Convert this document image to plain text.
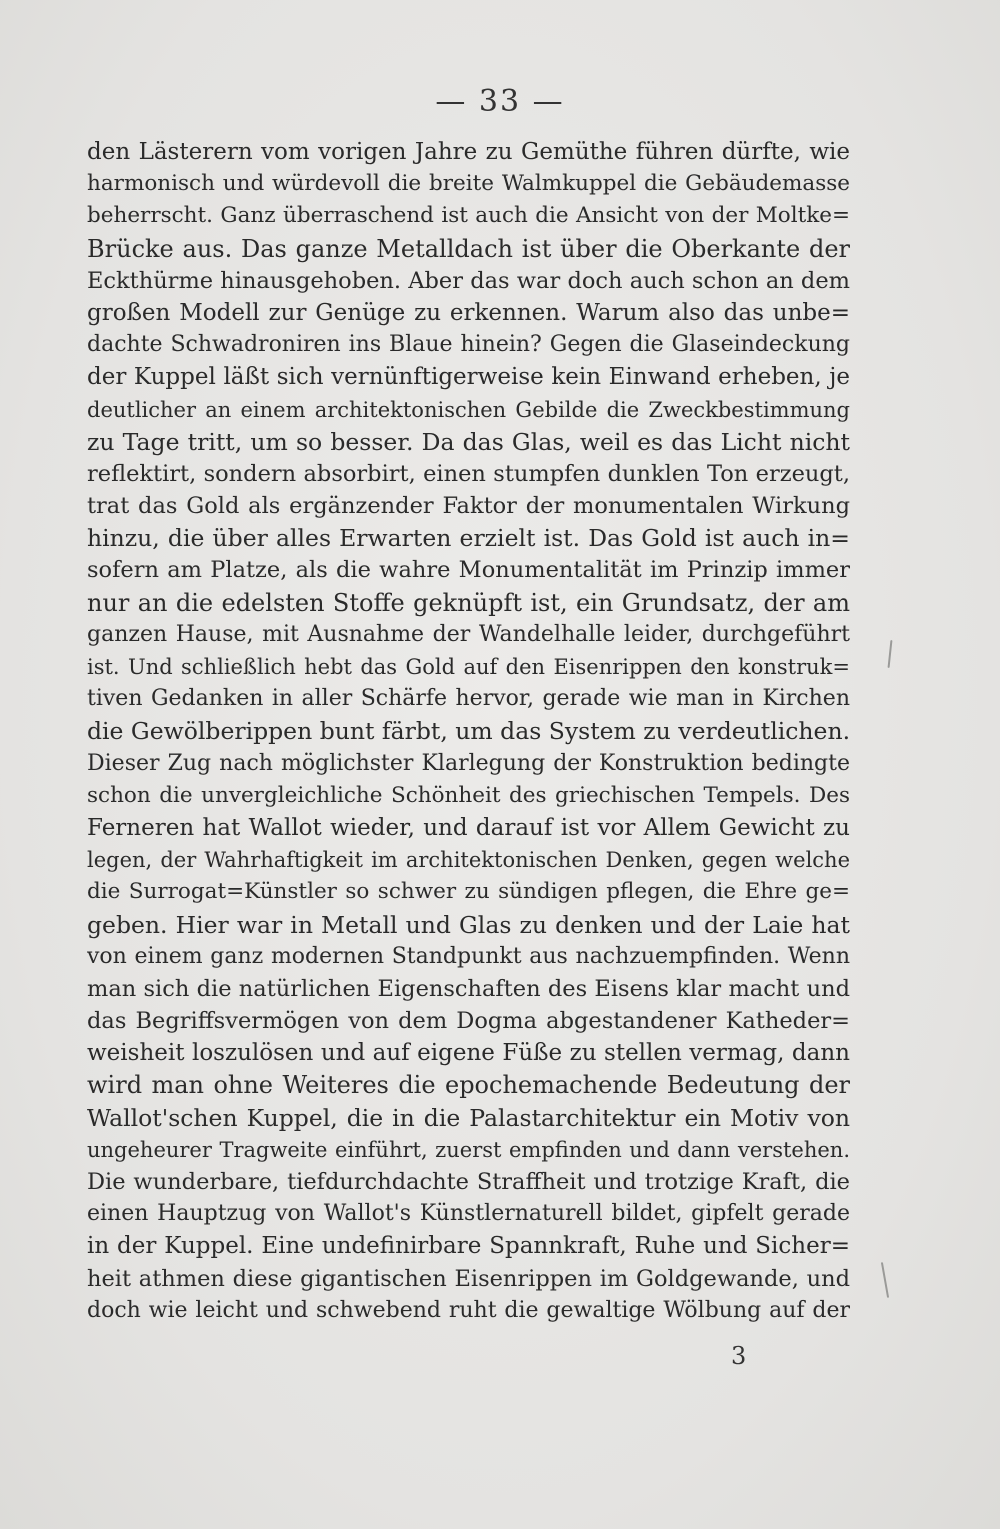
— 33 —
den Lästerern vom vorigen Jahre zu Gemüthe führen dürfte, wie
harmonisch und würdevoll die breite Walmkuppel die Gebäudemasse
beherrscht. Ganz überraschend ist auch die Ansicht von der Moltke=
Brücke aus. Das ganze Metalldach ist über die Oberkante der
Eckthürme hinausgehoben. Aber das war doch auch schon an dem
großen Modell zur Genüge zu erkennen. Warum also das unbe=
dachte Schwadroniren ins Blaue hinein? Gegen die Glaseindeckung
der Kuppel läßt sich vernünftigerweise kein Einwand erheben, je
deutlicher an einem architektonischen Gebilde die Zweckbestimmung
zu Tage tritt, um so besser. Da das Glas, weil es das Licht nicht
reflektirt, sondern absorbirt, einen stumpfen dunklen Ton erzeugt,
trat das Gold als ergänzender Faktor der monumentalen Wirkung
hinzu, die über alles Erwarten erzielt ist. Das Gold ist auch in=
sofern am Platze, als die wahre Monumentalität im Prinzip immer
nur an die edelsten Stoffe geknüpft ist, ein Grundsatz, der am
ganzen Hause, mit Ausnahme der Wandelhalle leider, durchgeführt
ist. Und schließlich hebt das Gold auf den Eisenrippen den konstruk=
tiven Gedanken in aller Schärfe hervor, gerade wie man in Kirchen
die Gewölberippen bunt färbt, um das System zu verdeutlichen.
Dieser Zug nach möglichster Klarlegung der Konstruktion bedingte
schon die unvergleichliche Schönheit des griechischen Tempels. Des
Ferneren hat Wallot wieder, und darauf ist vor Allem Gewicht zu
legen, der Wahrhaftigkeit im architektonischen Denken, gegen welche
die Surrogat=Künstler so schwer zu sündigen pflegen, die Ehre ge=
geben. Hier war in Metall und Glas zu denken und der Laie hat
von einem ganz modernen Standpunkt aus nachzuempfinden. Wenn
man sich die natürlichen Eigenschaften des Eisens klar macht und
das Begriffsvermögen von dem Dogma abgestandener Katheder=
weisheit loszulösen und auf eigene Füße zu stellen vermag, dann
wird man ohne Weiteres die epochemachende Bedeutung der
Wallot'schen Kuppel, die in die Palastarchitektur ein Motiv von
ungeheurer Tragweite einführt, zuerst empfinden und dann verstehen.
Die wunderbare, tiefdurchdachte Straffheit und trotzige Kraft, die
einen Hauptzug von Wallot's Künstlernaturell bildet, gipfelt gerade
in der Kuppel. Eine undefinirbare Spannkraft, Ruhe und Sicher=
heit athmen diese gigantischen Eisenrippen im Goldgewande, und
doch wie leicht und schwebend ruht die gewaltige Wölbung auf der
3
